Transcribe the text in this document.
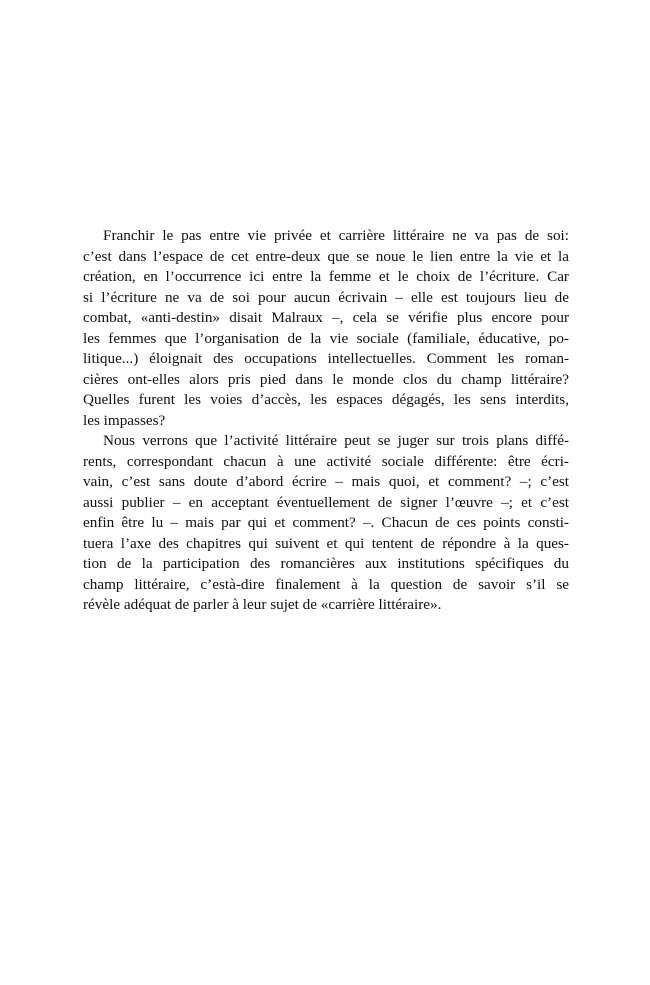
Franchir le pas entre vie privée et carrière littéraire ne va pas de soi:
c’est dans l’espace de cet entre-deux que se noue le lien entre la vie et la
création, en l’occurrence ici entre la femme et le choix de l’écriture. Car
si l’écriture ne va de soi pour aucun écrivain – elle est toujours lieu de
combat, «anti-destin» disait Malraux –, cela se vérifie plus encore pour
les femmes que l’organisation de la vie sociale (familiale, éducative, po-
litique...) éloignait des occupations intellectuelles. Comment les roman-
cières ont-elles alors pris pied dans le monde clos du champ littéraire?
Quelles furent les voies d’accès, les espaces dégagés, les sens interdits,
les impasses?
Nous verrons que l’activité littéraire peut se juger sur trois plans diffé-
rents, correspondant chacun à une activité sociale différente: être écri-
vain, c’est sans doute d’abord écrire – mais quoi, et comment? –; c’est
aussi publier – en acceptant éventuellement de signer l’œuvre –; et c’est
enfin être lu – mais par qui et comment? –. Chacun de ces points consti-
tuera l’axe des chapitres qui suivent et qui tentent de répondre à la ques-
tion de la participation des romancières aux institutions spécifiques du
champ littéraire, c’està-dire finalement à la question de savoir s’il se
révèle adéquat de parler à leur sujet de «carrière littéraire».
